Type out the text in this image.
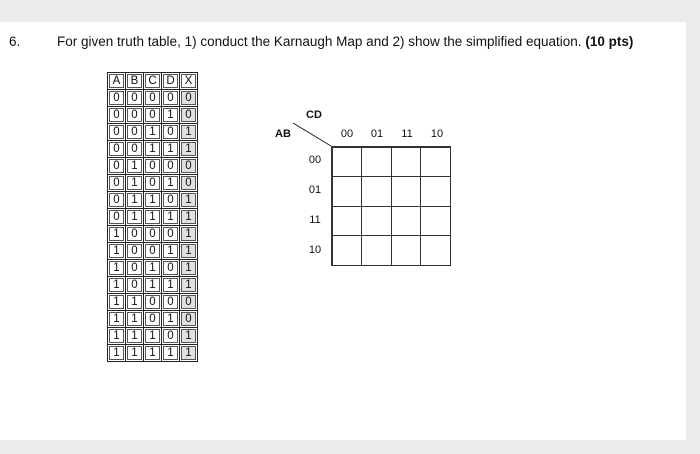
6.	For given truth table, 1) conduct the Karnaugh Map and 2) show the simplified equation. (10 pts)
A	B	C	D	X
0	0	0	0	0
0	0	0	1	0
0	0	1	0	1
0	0	1	1	1
0	1	0	0	0
0	1	0	1	0
0	1	1	0	1
0	1	1	1	1
1	0	0	0	1
1	0	0	1	1
1	0	1	0	1
1	0	1	1	1
1	1	0	0	0
1	1	0	1	0
1	1	1	0	1
1	1	1	1	1
CD
AB	00	01	11	10
00
01
11
10
